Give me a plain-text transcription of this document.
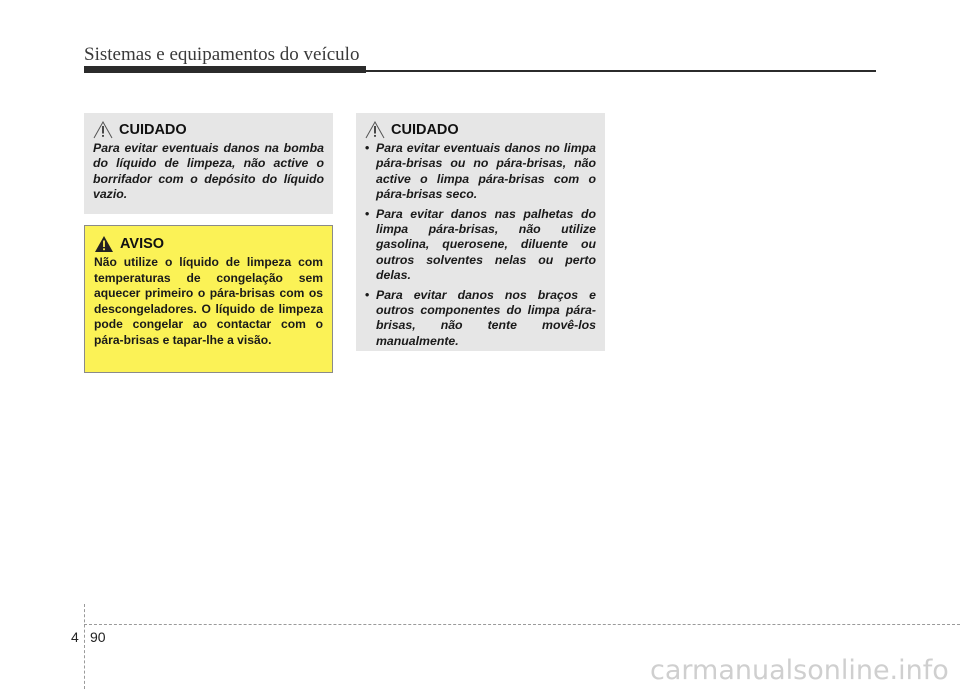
Sistemas e equipamentos do veículo
CUIDADO
Para evitar eventuais danos na bomba do líquido de limpeza, não active o borrifador com o depósito do líquido vazio.
AVISO
Não utilize o líquido de limpeza com temperaturas de congelação sem aquecer primeiro o pára-brisas com os descongeladores. O líquido de limpeza pode congelar ao contactar com o pára-brisas e tapar-lhe a visão.
CUIDADO
• Para evitar eventuais danos no limpa pára-brisas ou no pára-brisas, não active o limpa pára-brisas com o pára-brisas seco.
• Para evitar danos nas palhetas do limpa pára-brisas, não utilize gasolina, querosene, diluente ou outros solventes nelas ou perto delas.
• Para evitar danos nos braços e outros componentes do limpa pára-brisas, não tente movê-los manualmente.
4 90
carmanualsonline.info
